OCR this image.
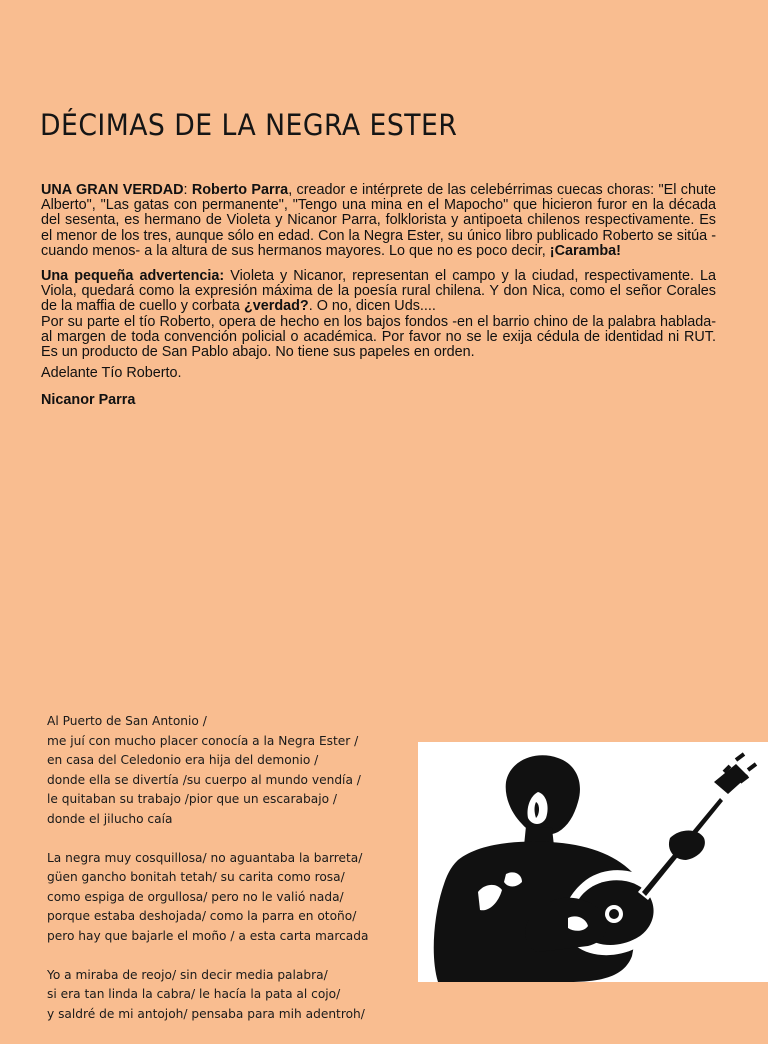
DÉCIMAS DE LA NEGRA ESTER

UNA GRAN VERDAD: Roberto Parra, creador e intérprete de las celebérrimas cuecas choras: "El chute Alberto", "Las gatas con permanente", "Tengo una mina en el Mapocho" que hicieron furor en la década del sesenta, es hermano de Violeta y Nicanor Parra, folklorista y antipoeta chilenos respectivamente. Es el menor de los tres, aunque sólo en edad. Con la Negra Ester, su único libro publicado Roberto se sitúa -cuando menos- a la altura de sus hermanos mayores. Lo que no es poco decir, ¡Caramba!

Una pequeña advertencia: Violeta y Nicanor, representan el campo y la ciudad, respectivamente. La Viola, quedará como la expresión máxima de la poesía rural chilena. Y don Nica, como el señor Corales de la maffia de cuello y corbata ¿verdad?. O no, dicen Uds....

Por su parte el tío Roberto, opera de hecho en los bajos fondos -en el barrio chino de la palabra hablada- al margen de toda convención policial o académica. Por favor no se le exija cédula de identidad ni RUT. Es un producto de San Pablo abajo. No tiene sus papeles en orden.

Adelante Tío Roberto.

Nicanor Parra

Al Puerto de San Antonio /
me juí con mucho placer conocía a la Negra Ester /
en casa del Celedonio era hija del demonio /
donde ella se divertía /su cuerpo al mundo vendía /
le quitaban su trabajo /pior que un escarabajo /
donde el jilucho caía
La negra muy cosquillosa/ no aguantaba la barreta/
güen gancho bonitah tetah/ su carita como rosa/
como espiga de orgullosa/ pero no le valió nada/
porque estaba deshojada/ como la parra en otoño/
pero hay que bajarle el moño / a esta carta marcada
Yo a miraba de reojo/ sin decir media palabra/
si era tan linda la cabra/ le hacía la pata al cojo/
y saldré de mi antojoh/ pensaba para mih adentroh/
